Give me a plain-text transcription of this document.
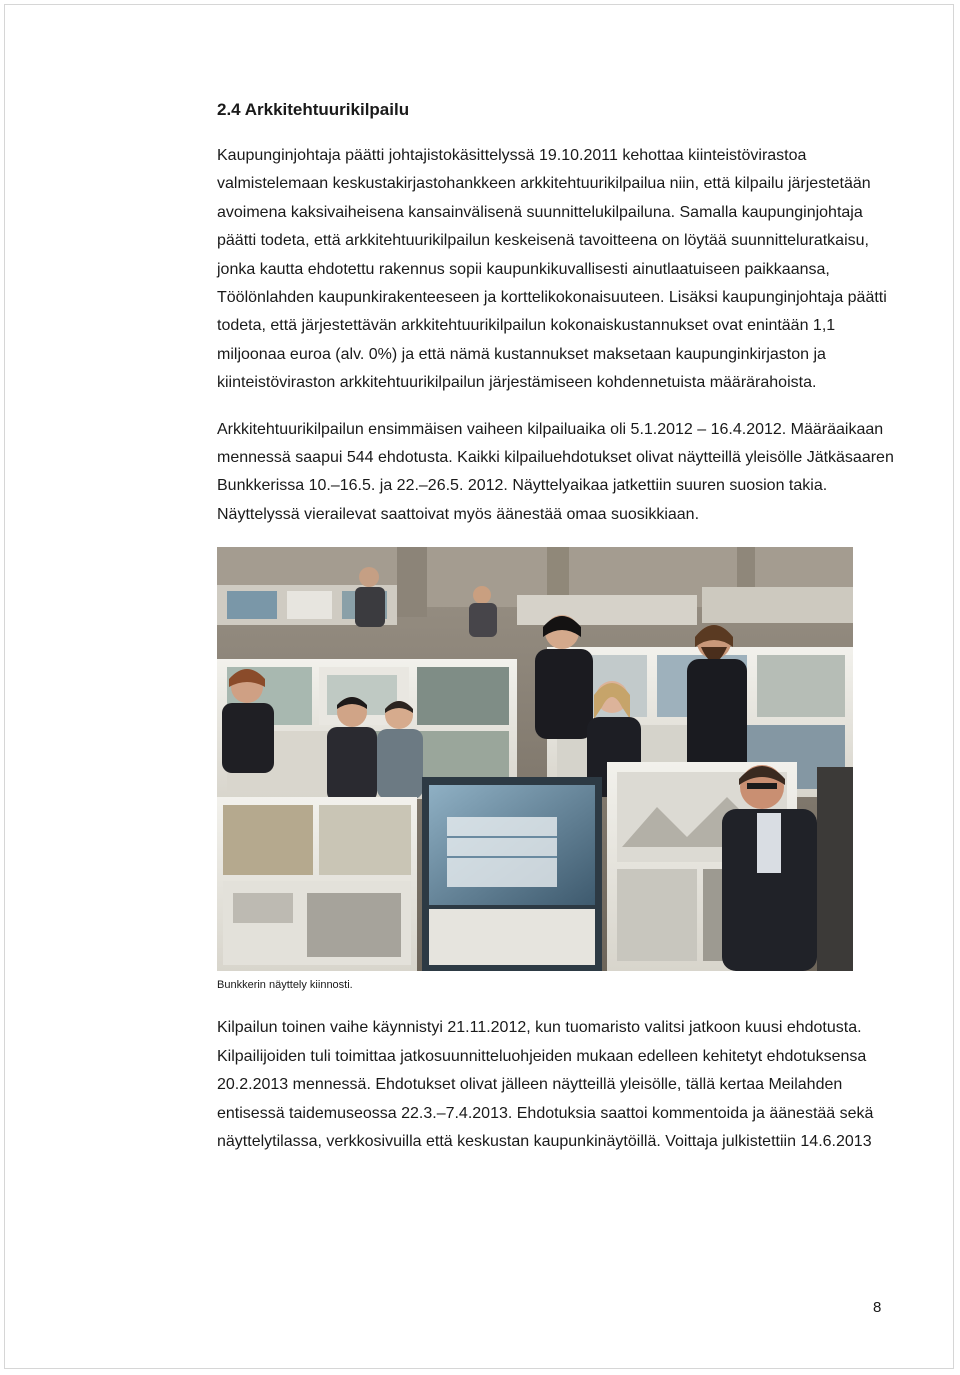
2.4 Arkkitehtuurikilpailu

Kaupunginjohtaja päätti johtajistokäsittelyssä 19.10.2011 kehottaa kiinteistövirastoa valmistelemaan keskustakirjastohankkeen arkkitehtuurikilpailua niin, että kilpailu järjestetään avoimena kaksivaiheisena kansainvälisenä suunnittelukilpailuna. Samalla kaupunginjohtaja päätti todeta, että arkkitehtuurikilpailun keskeisenä tavoitteena on löytää suunnitteluratkaisu, jonka kautta ehdotettu rakennus sopii kaupunkikuvallisesti ainutlaatuiseen paikkaansa, Töölönlahden kaupunkirakenteeseen ja korttelikokonaisuuteen. Lisäksi kaupunginjohtaja päätti todeta, että järjestettävän arkkitehtuurikilpailun kokonaiskustannukset ovat enintään 1,1 miljoonaa euroa (alv. 0%) ja että nämä kustannukset maksetaan kaupunginkirjaston ja kiinteistöviraston arkkitehtuurikilpailun järjestämiseen kohdennetuista määrärahoista.

Arkkitehtuurikilpailun ensimmäisen vaiheen kilpailuaika oli 5.1.2012 – 16.4.2012. Määräaikaan mennessä saapui 544 ehdotusta. Kaikki kilpailuehdotukset olivat näytteillä yleisölle Jätkäsaaren Bunkkerissa 10.–16.5. ja 22.–26.5. 2012. Näyttelyaikaa jatkettiin suuren suosion takia. Näyttelyssä vierailevat saattoivat myös äänestää omaa suosikkiaan.

Bunkkerin näyttely kiinnosti.

Kilpailun toinen vaihe käynnistyi 21.11.2012, kun tuomaristo valitsi jatkoon kuusi ehdotusta. Kilpailijoiden tuli toimittaa jatkosuunnitteluohjeiden mukaan edelleen kehitetyt ehdotuksensa 20.2.2013 mennessä. Ehdotukset olivat jälleen näytteillä yleisölle, tällä kertaa Meilahden entisessä taidemuseossa 22.3.–7.4.2013. Ehdotuksia saattoi kommentoida ja äänestää sekä näyttelytilassa, verkkosivuilla että keskustan kaupunkinäytöillä. Voittaja julkistettiin 14.6.2013

8
